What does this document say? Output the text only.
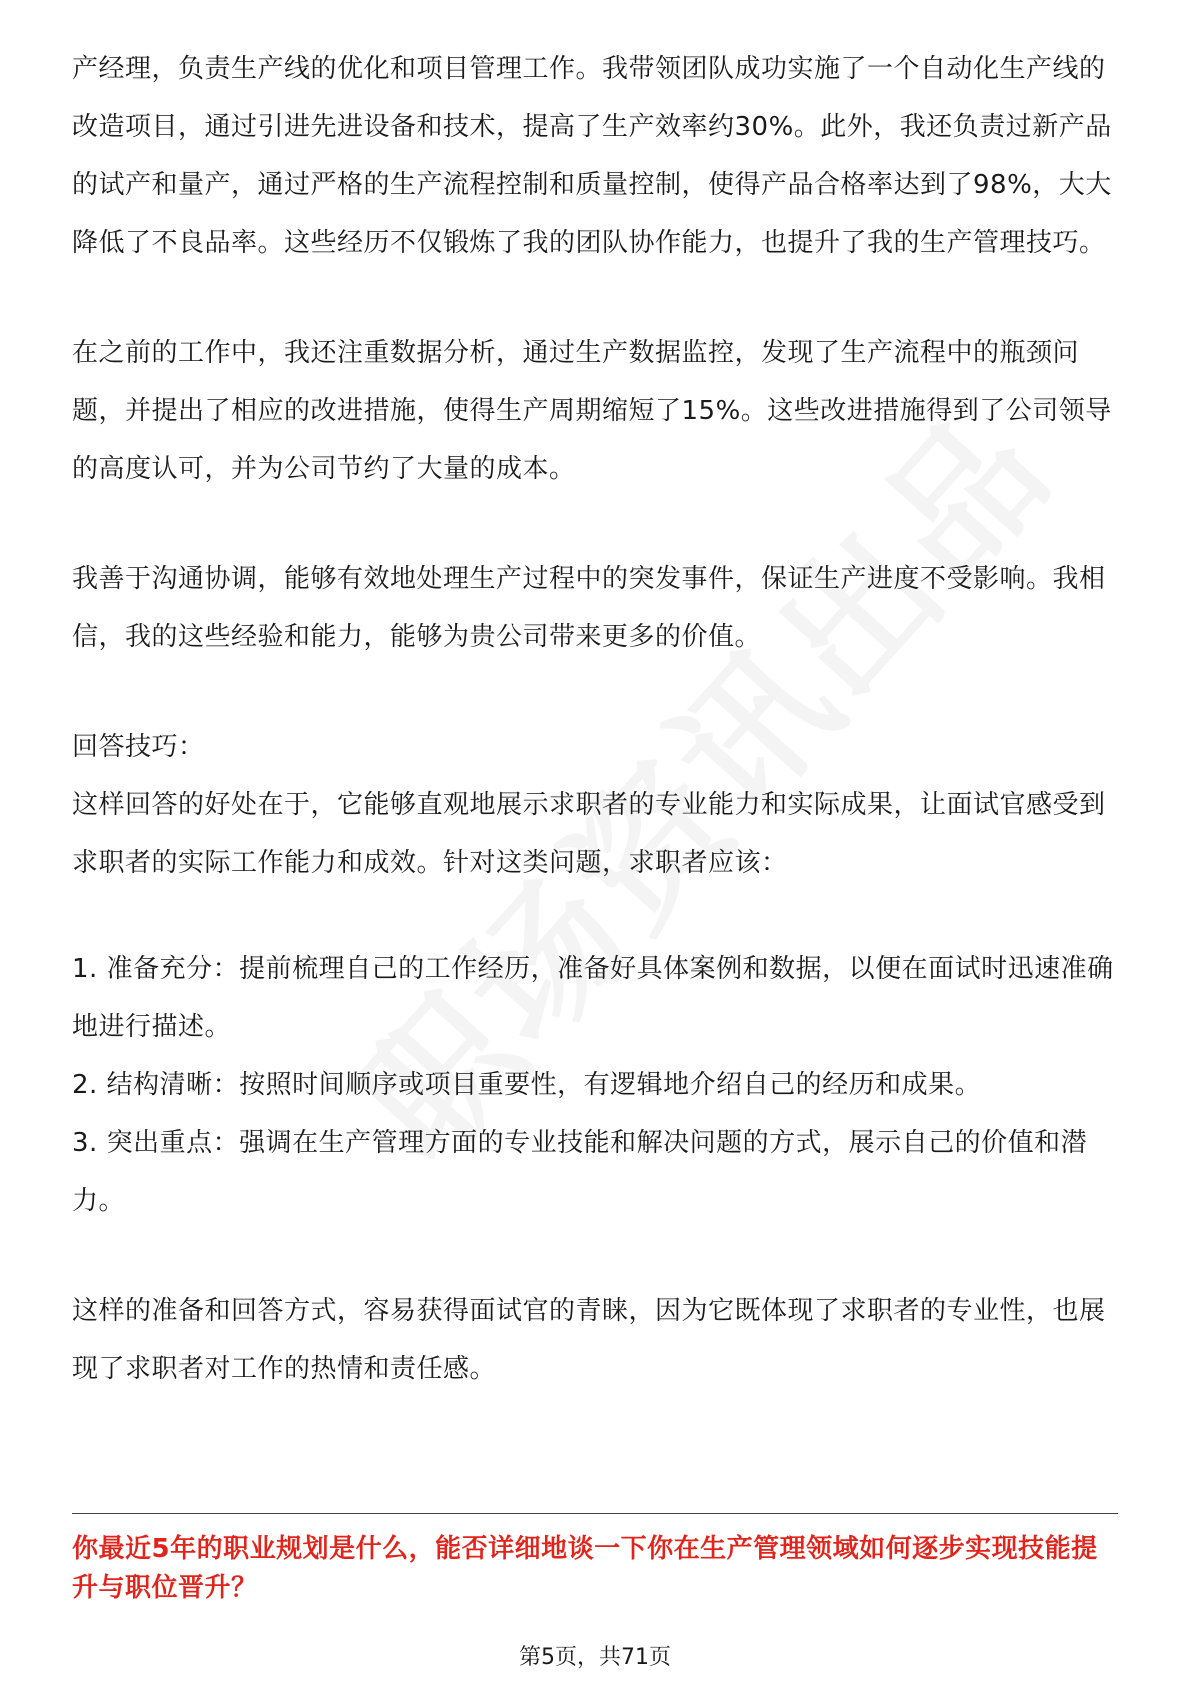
产经理，负责生产线的优化和项目管理工作。我带领团队成功实施了一个自动化生产线的改造项目，通过引进先进设备和技术，提高了生产效率约30%。此外，我还负责过新产品的试产和量产，通过严格的生产流程控制和质量控制，使得产品合格率达到了98%，大大降低了不良品率。这些经历不仅锻炼了我的团队协作能力，也提升了我的生产管理技巧。

在之前的工作中，我还注重数据分析，通过生产数据监控，发现了生产流程中的瓶颈问题，并提出了相应的改进措施，使得生产周期缩短了15%。这些改进措施得到了公司领导的高度认可，并为公司节约了大量的成本。

我善于沟通协调，能够有效地处理生产过程中的突发事件，保证生产进度不受影响。我相信，我的这些经验和能力，能够为贵公司带来更多的价值。

回答技巧：

这样回答的好处在于，它能够直观地展示求职者的专业能力和实际成果，让面试官感受到求职者的实际工作能力和成效。针对这类问题，求职者应该：

1. 准备充分：提前梳理自己的工作经历，准备好具体案例和数据，以便在面试时迅速准确地进行描述。

2. 结构清晰：按照时间顺序或项目重要性，有逻辑地介绍自己的经历和成果。

3. 突出重点：强调在生产管理方面的专业技能和解决问题的方式，展示自己的价值和潜力。

这样的准备和回答方式，容易获得面试官的青睐，因为它既体现了求职者的专业性，也展现了求职者对工作的热情和责任感。

你最近5年的职业规划是什么，能否详细地谈一下你在生产管理领域如何逐步实现技能提升与职位晋升？

第5页，共71页
